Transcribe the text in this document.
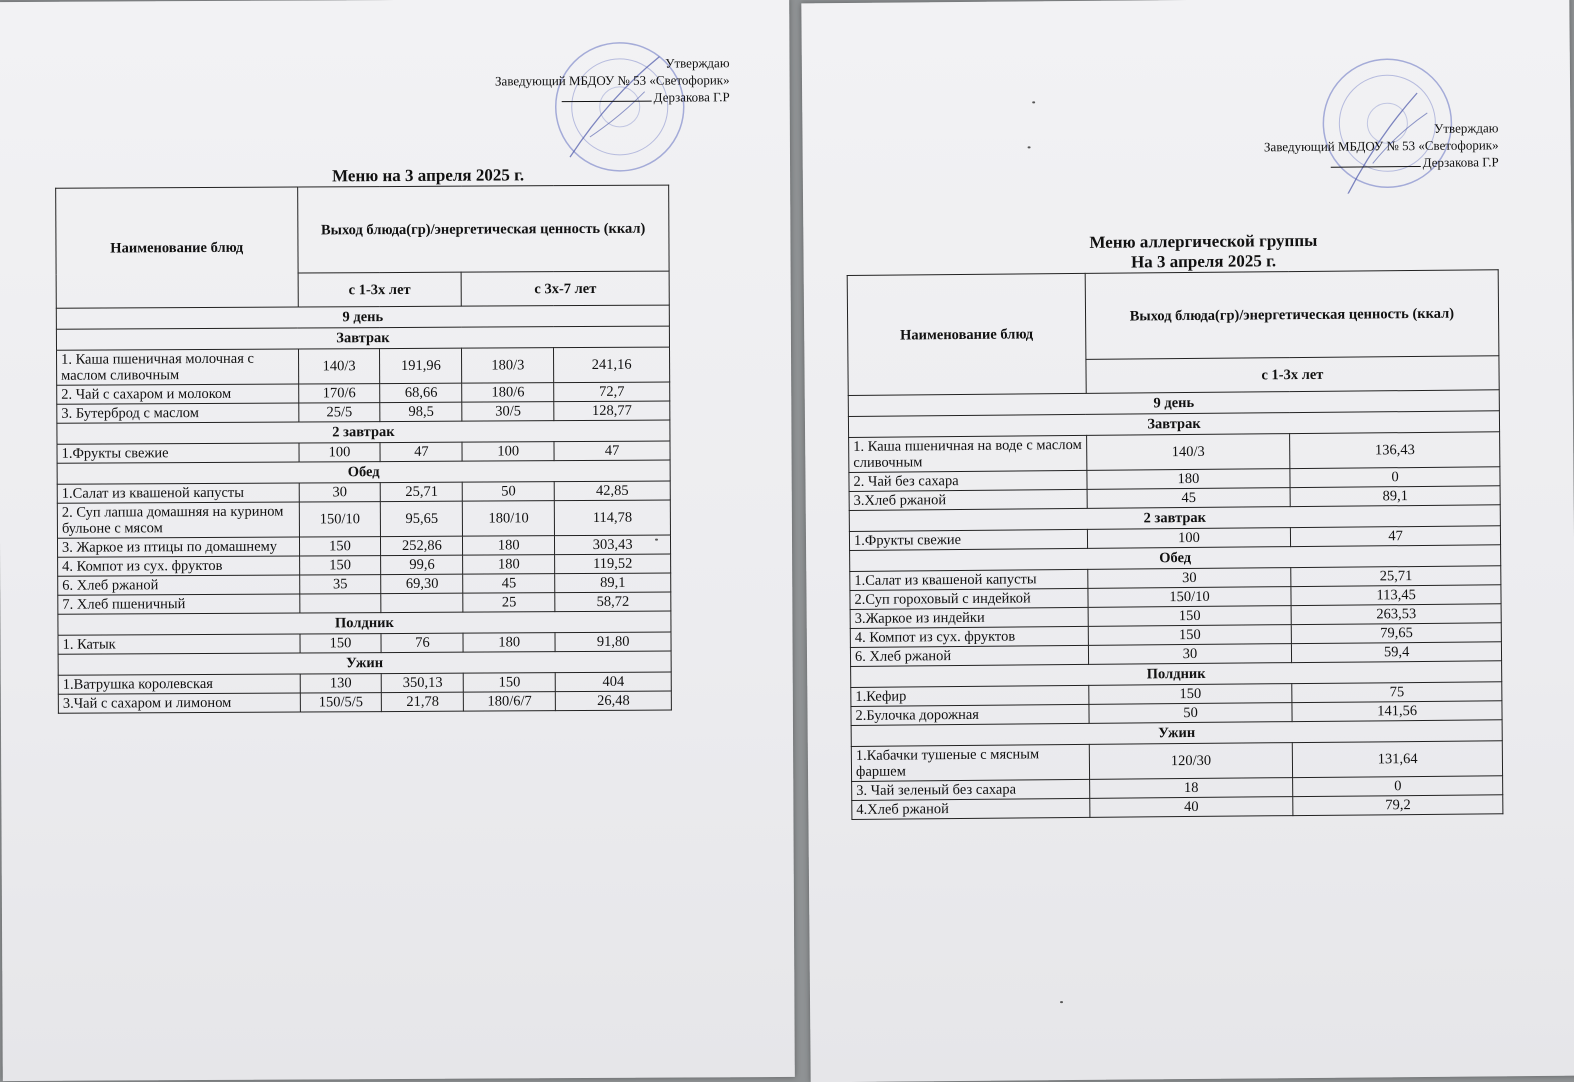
Утверждаю
Заведующий МБДОУ № 53 «Светофорик»
Дерзакова Г.Р
Меню на 3 апреля 2025 г.
Наименование блюд	Выход блюда(гр)/энергетическая ценность (ккал)			
	с 1-3х лет		с 3х-7 лет	
9 день				
Завтрак				
1. Каша пшеничная молочная с маслом сливочным	140/3	191,96	180/3	241,16
2. Чай с сахаром и молоком	170/6	68,66	180/6	72,7
3. Бутерброд с маслом	25/5	98,5	30/5	128,77
2 завтрак				
1.Фрукты свежие	100	47	100	47
Обед				
1.Салат из квашеной капусты	30	25,71	50	42,85
2. Суп лапша домашняя на курином бульоне с мясом	150/10	95,65	180/10	114,78
3. Жаркое из птицы по домашнему	150	252,86	180	303,43
4. Компот из сух. фруктов	150	99,6	180	119,52
6. Хлеб ржаной	35	69,30	45	89,1
7. Хлеб пшеничный			25	58,72
Полдник				
1. Катык	150	76	180	91,80
Ужин				
1.Ватрушка королевская	130	350,13	150	404
3.Чай с сахаром и лимоном	150/5/5	21,78	180/6/7	26,48
Утверждаю
Заведующий МБДОУ № 53 «Светофорик»
Дерзакова Г.Р
Меню аллергической группы
На 3 апреля 2025 г.
Наименование блюд	Выход блюда(гр)/энергетическая ценность (ккал)	
	с 1-3х лет	
9 день		
Завтрак		
1. Каша пшеничная на воде с маслом сливочным	140/3	136,43
2. Чай без сахара	180	0
3.Хлеб ржаной	45	89,1
2 завтрак		
1.Фрукты свежие	100	47
Обед		
1.Салат из квашеной капусты	30	25,71
2.Суп гороховый с индейкой	150/10	113,45
3.Жаркое из индейки	150	263,53
4. Компот из сух. фруктов	150	79,65
6. Хлеб ржаной	30	59,4
Полдник		
1.Кефир	150	75
2.Булочка дорожная	50	141,56
Ужин		
1.Кабачки тушеные с мясным фаршем	120/30	131,64
3. Чай зеленый без сахара	18	0
4.Хлеб ржаной	40	79,2
